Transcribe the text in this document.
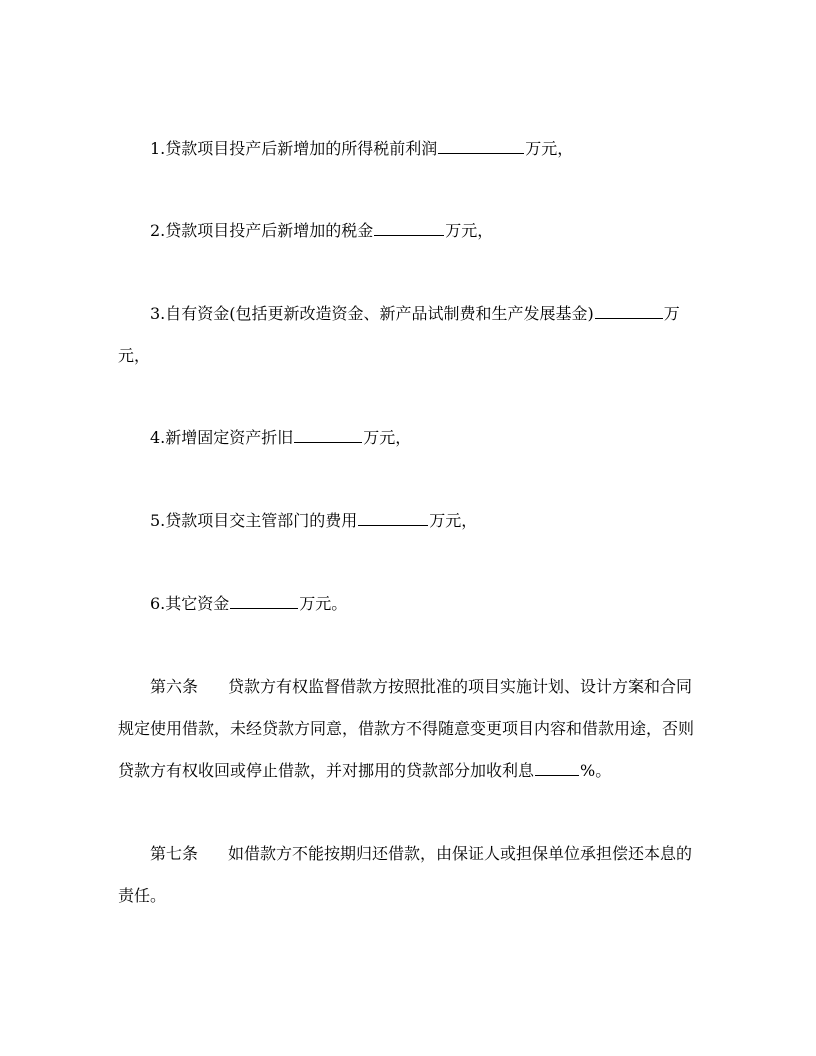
1.贷款项目投产后新增加的所得税前利润	万元，

2.贷款项目投产后新增加的税金	万元，

3.自有资金(包括更新改造资金、新产品试制费和生产发展基金)	万

元，

4.新增固定资产折旧	万元，

5.贷款项目交主管部门的费用	万元，

6.其它资金	万元。

第六条 贷款方有权监督借款方按照批准的项目实施计划、设计方案和合同

规定使用借款，未经贷款方同意，借款方不得随意变更项目内容和借款用途，否则

贷款方有权收回或停止借款，并对挪用的贷款部分加收利息	%。

第七条 如借款方不能按期归还借款，由保证人或担保单位承担偿还本息的

责任。
